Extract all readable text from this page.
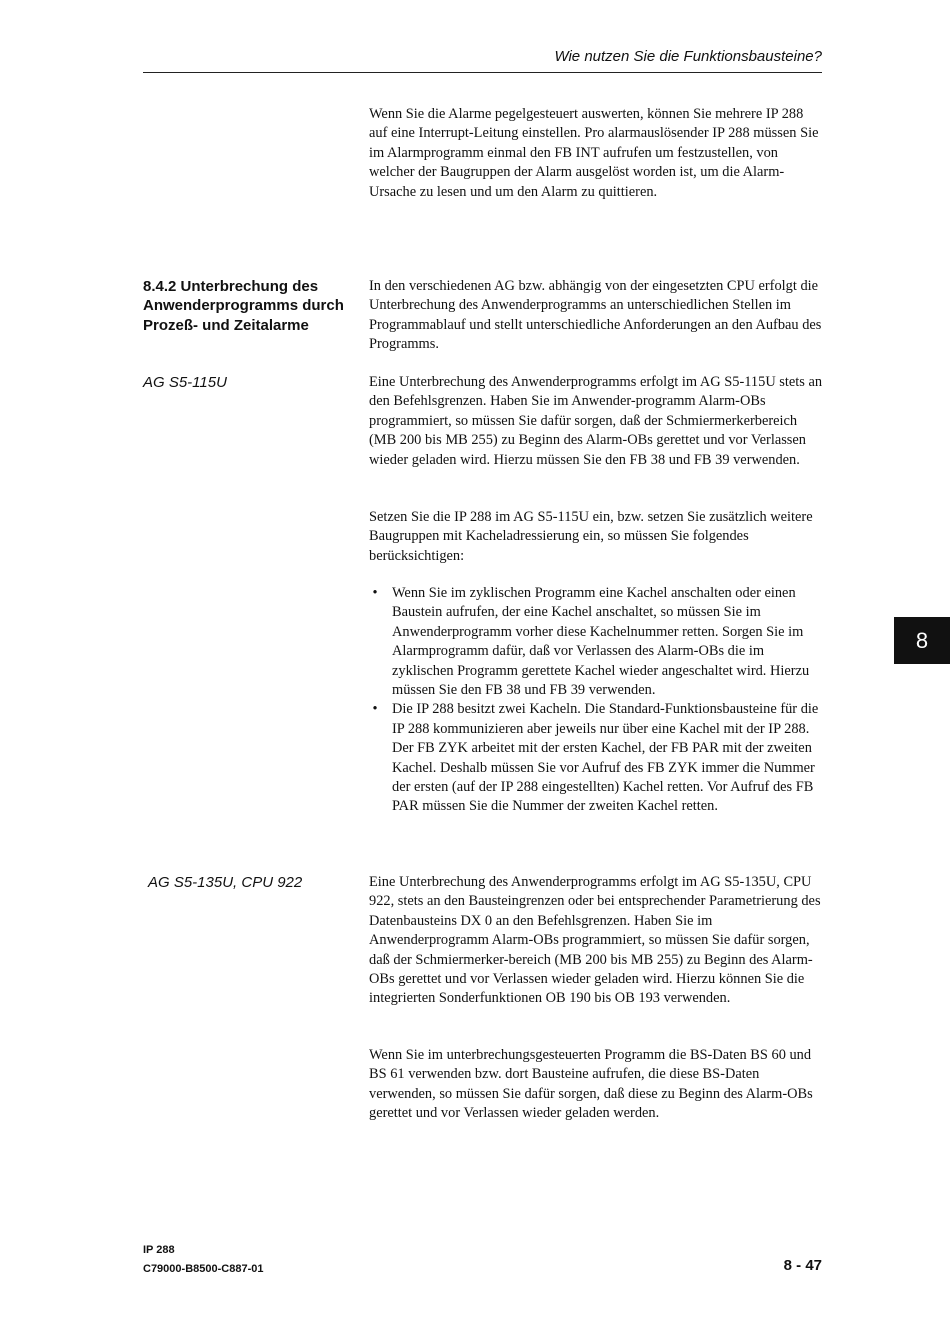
Wie nutzen Sie die Funktionsbausteine?

Wenn Sie die Alarme pegelgesteuert auswerten, können Sie mehrere IP 288 auf eine Interrupt-Leitung einstellen. Pro alarmauslösender IP 288 müssen Sie im Alarmprogramm einmal den FB INT aufrufen um festzustellen, von welcher der Baugruppen der Alarm ausgelöst worden ist, um die Alarm-Ursache zu lesen und um den Alarm zu quittieren.

8.4.2 Unterbrechung des Anwenderprogramms durch Prozeß- und Zeitalarme

In den verschiedenen AG bzw. abhängig von der eingesetzten CPU erfolgt die Unterbrechung des Anwenderprogramms an unterschiedlichen Stellen im Programmablauf und stellt unterschiedliche Anforderungen an den Aufbau des Programms.

AG S5-115U	Eine Unterbrechung des Anwenderprogramms erfolgt im AG S5-115U stets an den Befehlsgrenzen. Haben Sie im Anwender-programm Alarm-OBs programmiert, so müssen Sie dafür sorgen, daß der Schmiermerkerbereich (MB 200 bis MB 255) zu Beginn des Alarm-OBs gerettet und vor Verlassen wieder geladen wird. Hierzu müssen Sie den FB 38 und FB 39 verwenden.

Setzen Sie die IP 288 im AG S5-115U ein, bzw. setzen Sie zusätzlich weitere Baugruppen mit Kacheladressierung ein, so müssen Sie folgendes berücksichtigen:

• Wenn Sie im zyklischen Programm eine Kachel anschalten oder einen Baustein aufrufen, der eine Kachel anschaltet, so müssen Sie im Anwenderprogramm vorher diese Kachelnummer retten. Sorgen Sie im Alarmprogramm dafür, daß vor Verlassen des Alarm-OBs die im zyklischen Programm gerettete Kachel wieder angeschaltet wird. Hierzu müssen Sie den FB 38 und FB 39 verwenden.
• Die IP 288 besitzt zwei Kacheln. Die Standard-Funktionsbausteine für die IP 288 kommunizieren aber jeweils nur über eine Kachel mit der IP 288. Der FB ZYK arbeitet mit der ersten Kachel, der FB PAR mit der zweiten Kachel. Deshalb müssen Sie vor Aufruf des FB ZYK immer die Nummer der ersten (auf der IP 288 eingestellten) Kachel retten. Vor Aufruf des FB PAR müssen Sie die Nummer der zweiten Kachel retten.
AG S5-135U, CPU 922	Eine Unterbrechung des Anwenderprogramms erfolgt im AG S5-135U, CPU 922, stets an den Bausteingrenzen oder bei entsprechender Parametrierung des Datenbausteins DX 0 an den Befehlsgrenzen. Haben Sie im Anwenderprogramm Alarm-OBs programmiert, so müssen Sie dafür sorgen, daß der Schmiermerker-bereich (MB 200 bis MB 255) zu Beginn des Alarm-OBs gerettet und vor Verlassen wieder geladen wird. Hierzu können Sie die integrierten Sonderfunktionen OB 190 bis OB 193 verwenden.

Wenn Sie im unterbrechungsgesteuerten Programm die BS-Daten BS 60 und BS 61 verwenden bzw. dort Bausteine aufrufen, die diese BS-Daten verwenden, so müssen Sie dafür sorgen, daß diese zu Beginn des Alarm-OBs gerettet und vor Verlassen wieder geladen werden.

8
IP 288
C79000-B8500-C887-01	8 - 47
